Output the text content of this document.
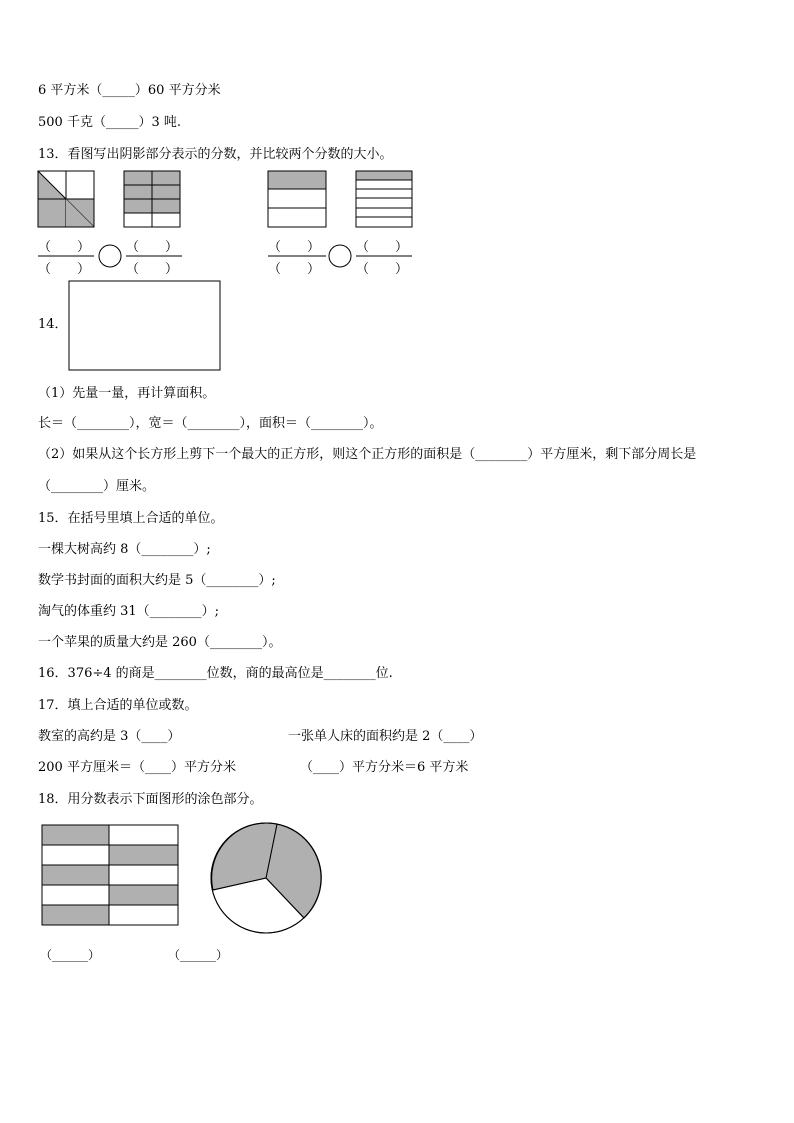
6 平方米（_____）60 平方分米
500 千克（_____）3 吨.
13．看图写出阴影部分表示的分数，并比较两个分数的大小。
（　　）
（　　）
（　　）
（　　）
（　　）
（　　）
（　　）
（　　）
14．
（1）先量一量，再计算面积。
长＝（________），宽＝（________），面积＝（________）。
（2）如果从这个长方形上剪下一个最大的正方形，则这个正方形的面积是（________）平方厘米，剩下部分周长是
（________）厘米。
15．在括号里填上合适的单位。
一棵大树高约 8（________）;
数学书封面的面积大约是 5（________）;
淘气的体重约 31（________）;
一个苹果的质量大约是 260（________）。
16．376÷4 的商是________位数，商的最高位是________位.
17．填上合适的单位或数。
教室的高约是 3（____）	一张单人床的面积约是 2（____）
200 平方厘米＝（____）平方分米	（____）平方分米＝6 平方米
18．用分数表示下面图形的涂色部分。
（______）	（______）
